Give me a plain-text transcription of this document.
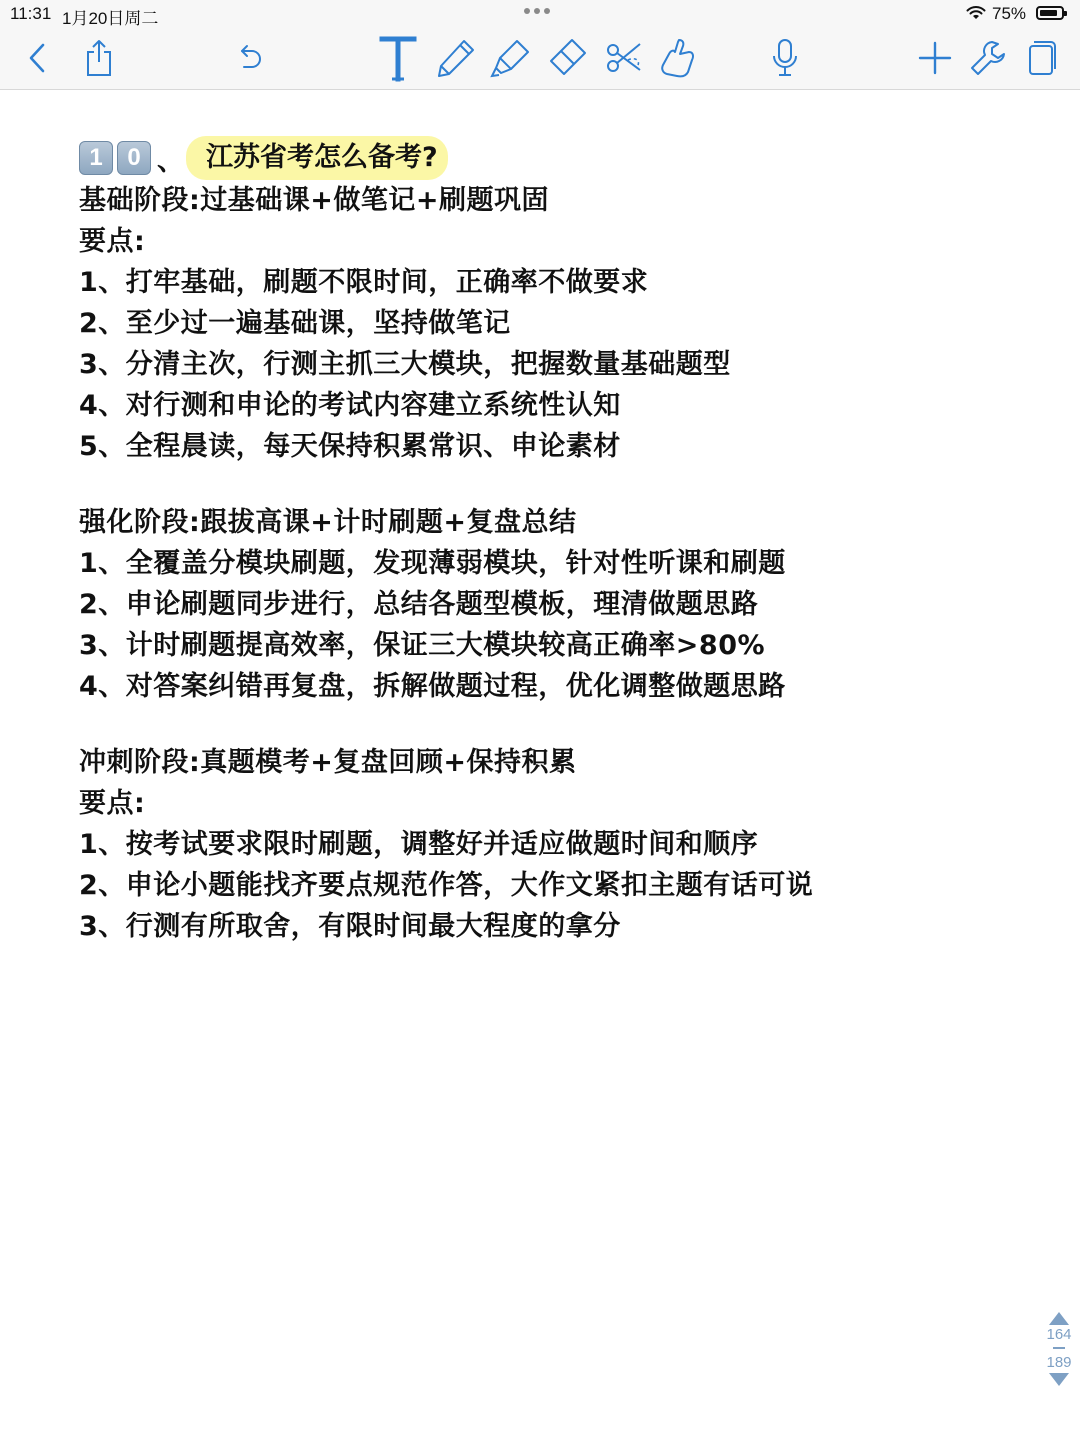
11:31 1月20日周二	75%
1	0 、 江苏省考怎么备考?
基础阶段:过基础课+做笔记+刷题巩固
要点:
1、打牢基础，刷题不限时间，正确率不做要求
2、至少过一遍基础课，坚持做笔记
3、分清主次，行测主抓三大模块，把握数量基础题型
4、对行测和申论的考试内容建立系统性认知
5、全程晨读，每天保持积累常识、申论素材
强化阶段:跟拔高课+计时刷题+复盘总结
1、全覆盖分模块刷题，发现薄弱模块，针对性听课和刷题
2、申论刷题同步进行，总结各题型模板，理清做题思路
3、计时刷题提高效率，保证三大模块较高正确率>80%
4、对答案纠错再复盘，拆解做题过程，优化调整做题思路
冲刺阶段:真题模考+复盘回顾+保持积累
要点:
1、按考试要求限时刷题，调整好并适应做题时间和顺序
2、申论小题能找齐要点规范作答，大作文紧扣主题有话可说
3、行测有所取舍，有限时间最大程度的拿分
164
189
